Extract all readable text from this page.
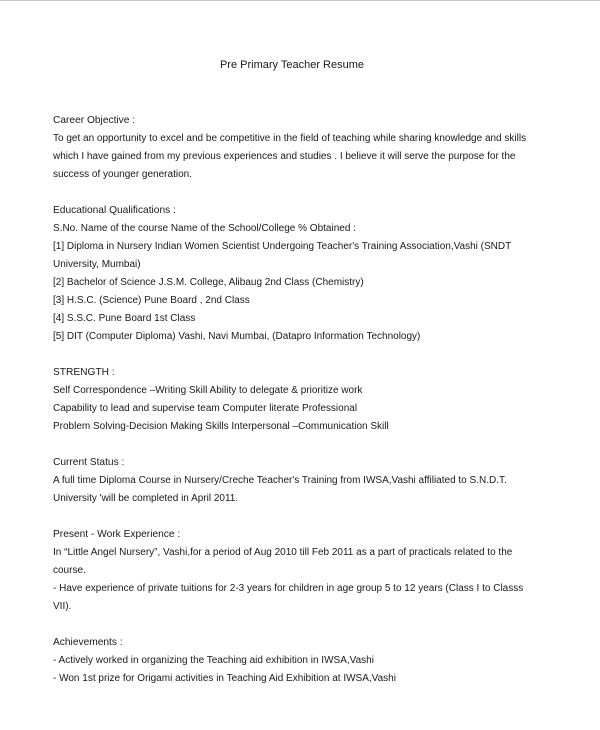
Pre Primary Teacher Resume

Career Objective :

To get an opportunity to excel and be competitive in the field of teaching while sharing knowledge and skills

which I have gained from my previous experiences and studies . I believe it will serve the purpose for the

success of younger generation.

Educational Qualifications :

S.No. Name of the course Name of the School/College % Obtained :

[1] Diploma in Nursery Indian Women Scientist Undergoing Teacher's Training Association,Vashi (SNDT
University, Mumbai)
[2] Bachelor of Science J.S.M. College, Alibaug 2nd Class (Chemistry)
[3] H.S.C. (Science) Pune Board , 2nd Class
[4] S.S.C. Pune Board 1st Class
[5] DIT (Computer Diploma) Vashi, Navi Mumbai, (Datapro Information Technology)

STRENGTH :

Self Correspondence –Writing Skill Ability to delegate & prioritize work

Capability to lead and supervise team Computer literate Professional

Problem Solving-Decision Making Skills Interpersonal –Communication Skill

Current Status :

A full time Diploma Course in Nursery/Creche Teacher's Training from IWSA,Vashi affiliated to S.N.D.T.

University 'will be completed in April 2011.

Present - Work Experience :

In “Little Angel Nursery”, Vashi,for a period of Aug 2010 till Feb 2011 as a part of practicals related to the

course.

- Have experience of private tuitions for 2-3 years for children in age group 5 to 12 years (Class I to Classs

VII).

Achievements :

- Actively worked in organizing the Teaching aid exhibition in IWSA,Vashi

- Won 1st prize for Origami activities in Teaching Aid Exhibition at IWSA,Vashi
